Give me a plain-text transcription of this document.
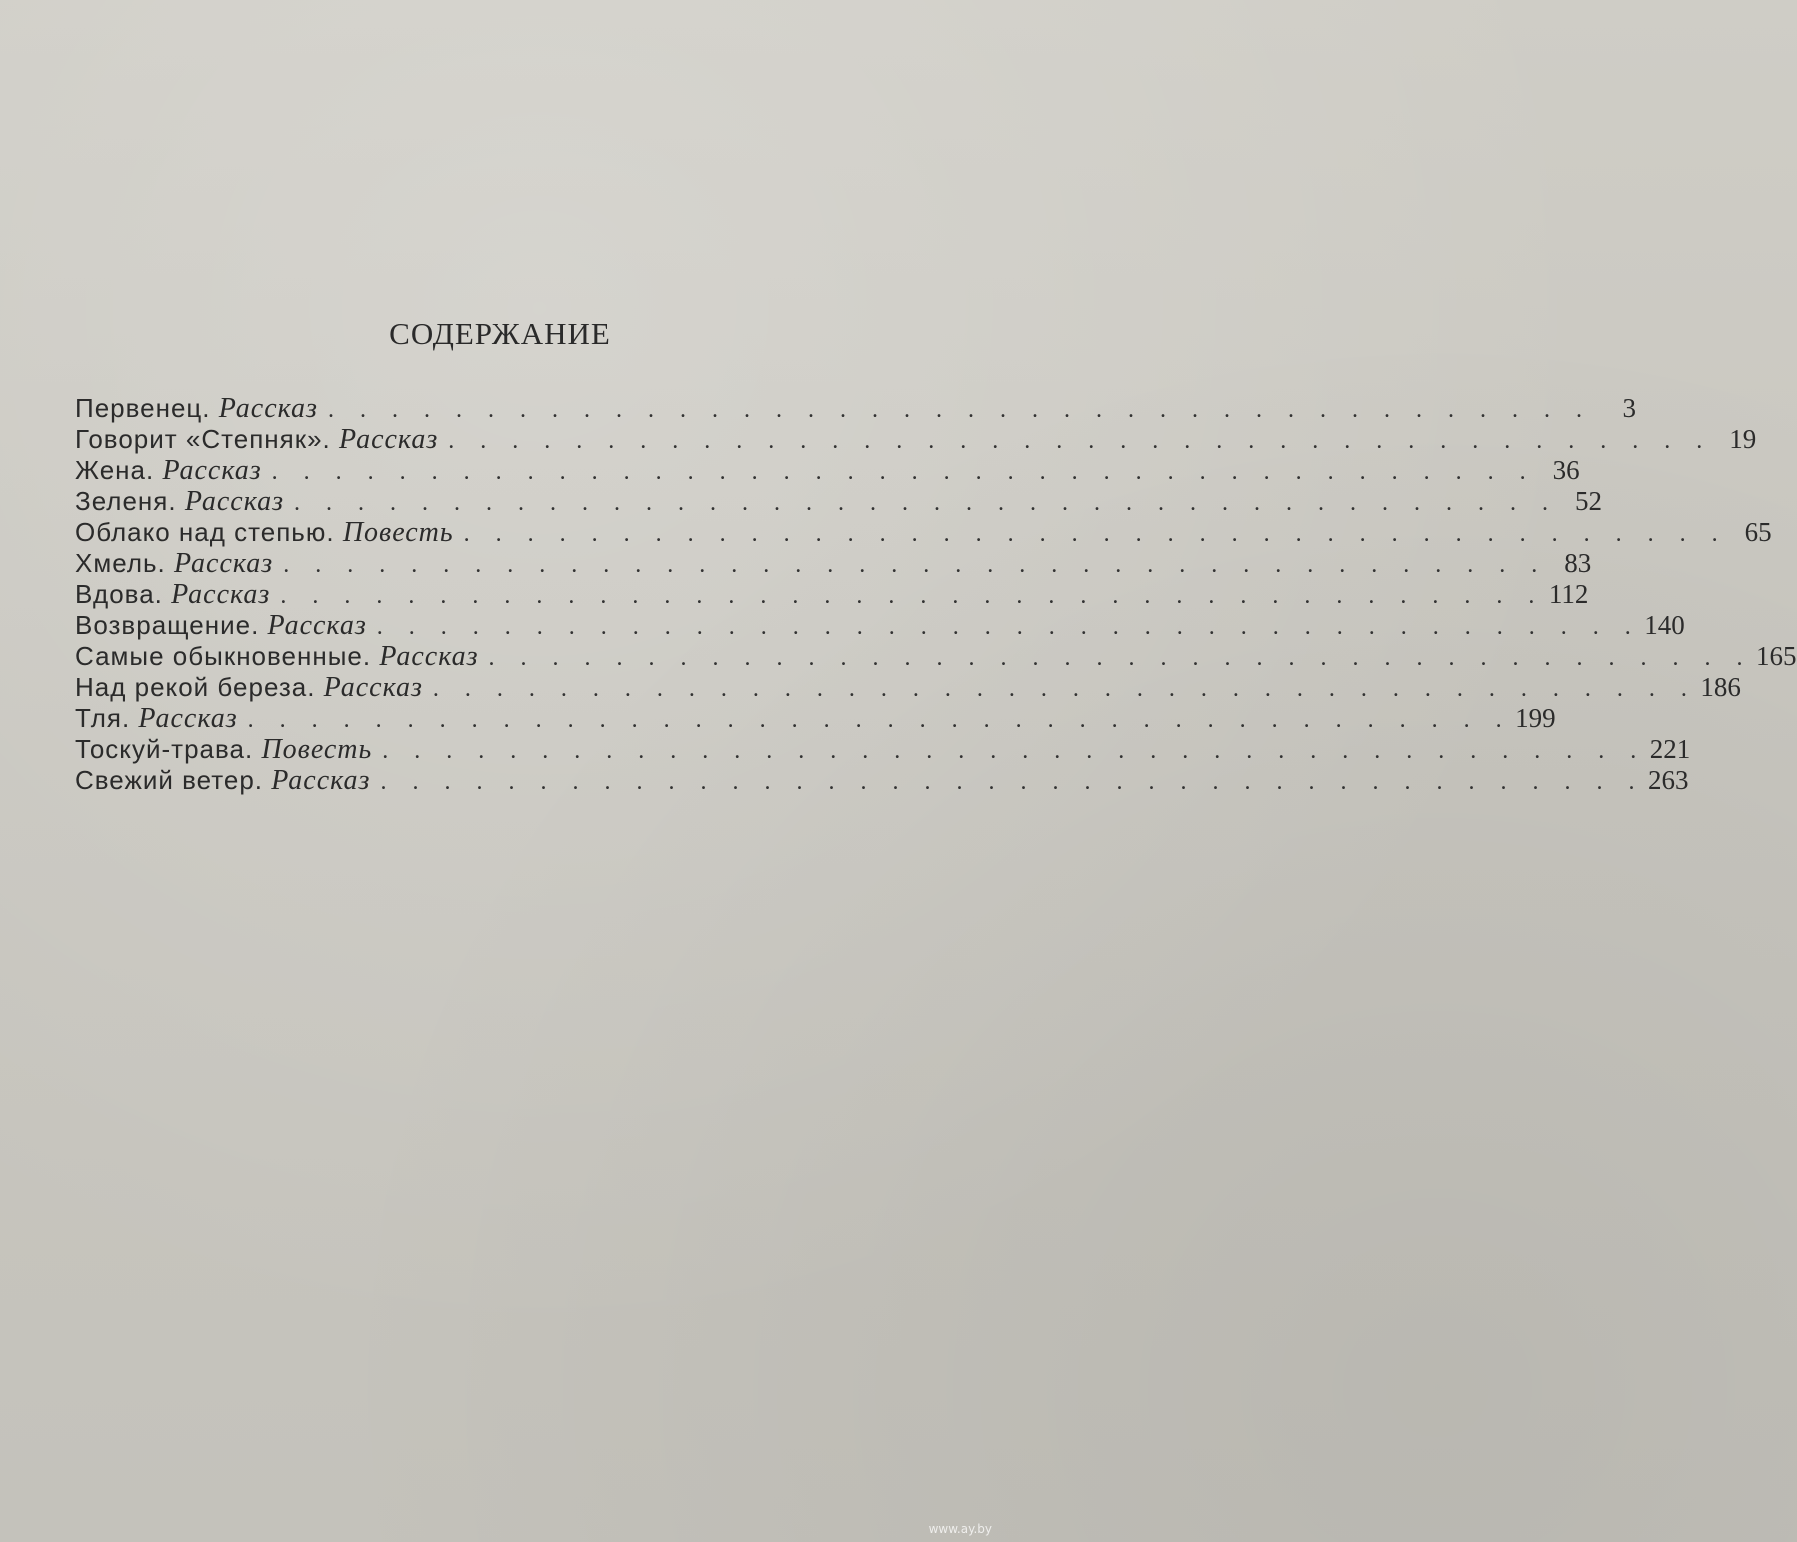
СОДЕРЖАНИЕ
Первенец. Рассказ . . . . . . . . . . . . . . . . . . . . . . . . . . . . . . . . . . . . . . . .	3
Говорит «Степняк». Рассказ . . . . . . . . . . . . . . . . . . . . . . . . . . . . . . . . . . . . . . . . 19
Жена. Рассказ . . . . . . . . . . . . . . . . . . . . . . . . . . . . . . . . . . . . . . . . 36
Зеленя. Рассказ . . . . . . . . . . . . . . . . . . . . . . . . . . . . . . . . . . . . . . . . 52
Облако над степью. Повесть . . . . . . . . . . . . . . . . . . . . . . . . . . . . . . . . . . . . . . . . 65
Хмель. Рассказ . . . . . . . . . . . . . . . . . . . . . . . . . . . . . . . . . . . . . . . . 83
Вдова. Рассказ . . . . . . . . . . . . . . . . . . . . . . . . . . . . . . . . . . . . . . . . 112
Возвращение. Рассказ . . . . . . . . . . . . . . . . . . . . . . . . . . . . . . . . . . . . . . . . 140
Самые обыкновенные. Рассказ . . . . . . . . . . . . . . . . . . . . . . . . . . . . . . . . . . . . . . . . 165
Над рекой береза. Рассказ . . . . . . . . . . . . . . . . . . . . . . . . . . . . . . . . . . . . . . . . 186
Тля. Рассказ . . . . . . . . . . . . . . . . . . . . . . . . . . . . . . . . . . . . . . . . 199
Тоскуй-трава. Повесть . . . . . . . . . . . . . . . . . . . . . . . . . . . . . . . . . . . . . . . . 221
Свежий ветер. Рассказ . . . . . . . . . . . . . . . . . . . . . . . . . . . . . . . . . . . . . . . . 263
www.ay.by
